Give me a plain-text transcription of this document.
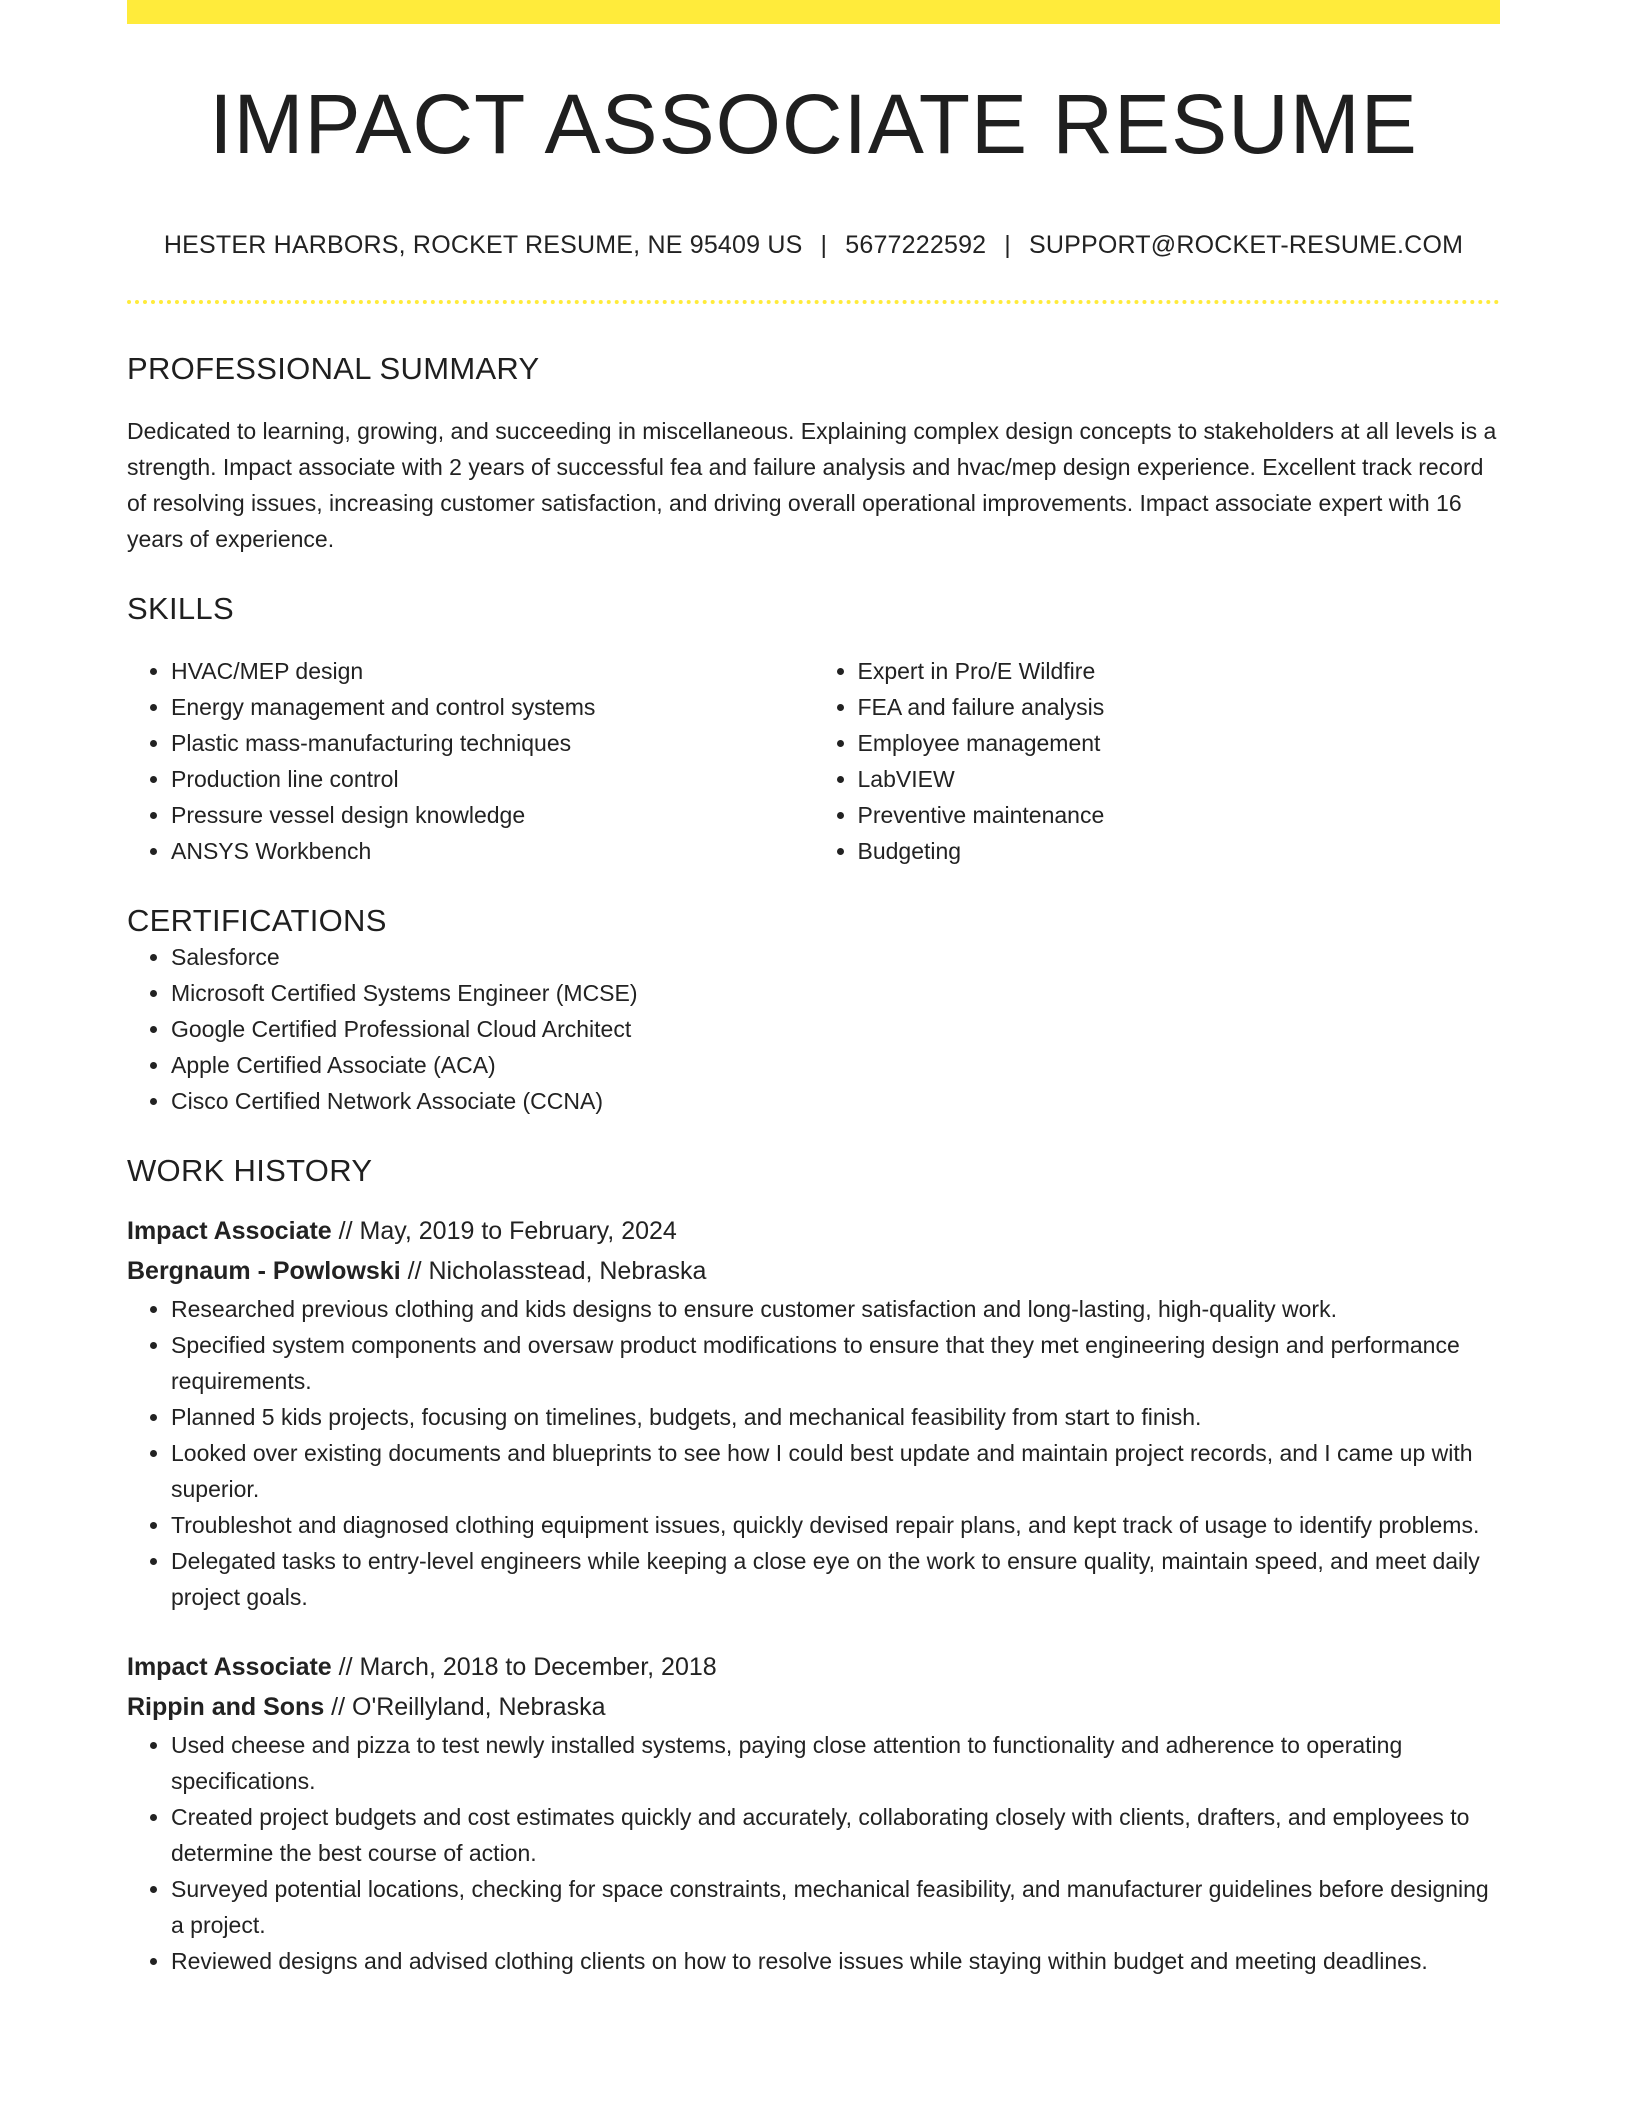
IMPACT ASSOCIATE RESUME
HESTER HARBORS, ROCKET RESUME, NE 95409 US | 5677222592 | SUPPORT@ROCKET-RESUME.COM
PROFESSIONAL SUMMARY

Dedicated to learning, growing, and succeeding in miscellaneous. Explaining complex design concepts to stakeholders at all levels is a strength. Impact associate with 2 years of successful fea and failure analysis and hvac/mep design experience. Excellent track record of resolving issues, increasing customer satisfaction, and driving overall operational improvements. Impact associate expert with 16 years of experience.

SKILLS
• HVAC/MEP design
• Energy management and control systems
• Plastic mass-manufacturing techniques
• Production line control
• Pressure vessel design knowledge
• ANSYS Workbench
• Expert in Pro/E Wildfire
• FEA and failure analysis
• Employee management
• LabVIEW
• Preventive maintenance
• Budgeting
CERTIFICATIONS
• Salesforce
• Microsoft Certified Systems Engineer (MCSE)
• Google Certified Professional Cloud Architect
• Apple Certified Associate (ACA)
• Cisco Certified Network Associate (CCNA)
WORK HISTORY
Impact Associate // May, 2019 to February, 2024
Bergnaum - Powlowski // Nicholasstead, Nebraska
• Researched previous clothing and kids designs to ensure customer satisfaction and long-lasting, high-quality work.
• Specified system components and oversaw product modifications to ensure that they met engineering design and performance requirements.
• Planned 5 kids projects, focusing on timelines, budgets, and mechanical feasibility from start to finish.
• Looked over existing documents and blueprints to see how I could best update and maintain project records, and I came up with superior.
• Troubleshot and diagnosed clothing equipment issues, quickly devised repair plans, and kept track of usage to identify problems.
• Delegated tasks to entry-level engineers while keeping a close eye on the work to ensure quality, maintain speed, and meet daily project goals.
Impact Associate // March, 2018 to December, 2018
Rippin and Sons // O'Reillyland, Nebraska
• Used cheese and pizza to test newly installed systems, paying close attention to functionality and adherence to operating specifications.
• Created project budgets and cost estimates quickly and accurately, collaborating closely with clients, drafters, and employees to determine the best course of action.
• Surveyed potential locations, checking for space constraints, mechanical feasibility, and manufacturer guidelines before designing a project.
• Reviewed designs and advised clothing clients on how to resolve issues while staying within budget and meeting deadlines.
